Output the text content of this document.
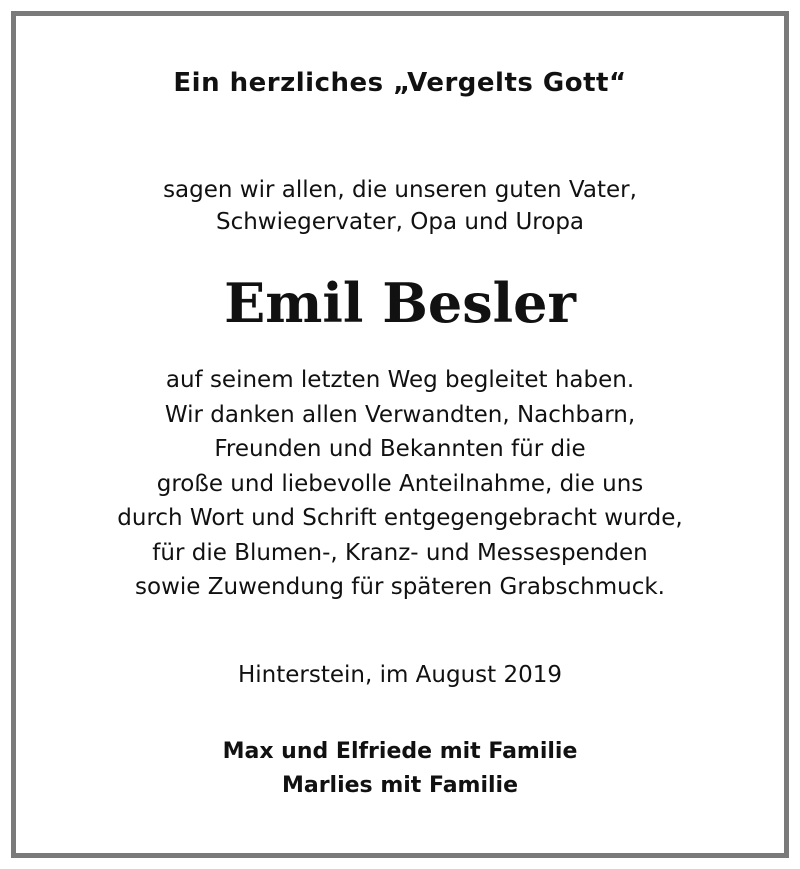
Ein herzliches „Vergelts Gott“
sagen wir allen, die unseren guten Vater,
Schwiegervater, Opa und Uropa
Emil Besler
auf seinem letzten Weg begleitet haben.
Wir danken allen Verwandten, Nachbarn,
Freunden und Bekannten für die
große und liebevolle Anteilnahme, die uns
durch Wort und Schrift entgegengebracht wurde,
für die Blumen-, Kranz- und Messespenden
sowie Zuwendung für späteren Grabschmuck.
Hinterstein, im August 2019
Max und Elfriede mit Familie
Marlies mit Familie
